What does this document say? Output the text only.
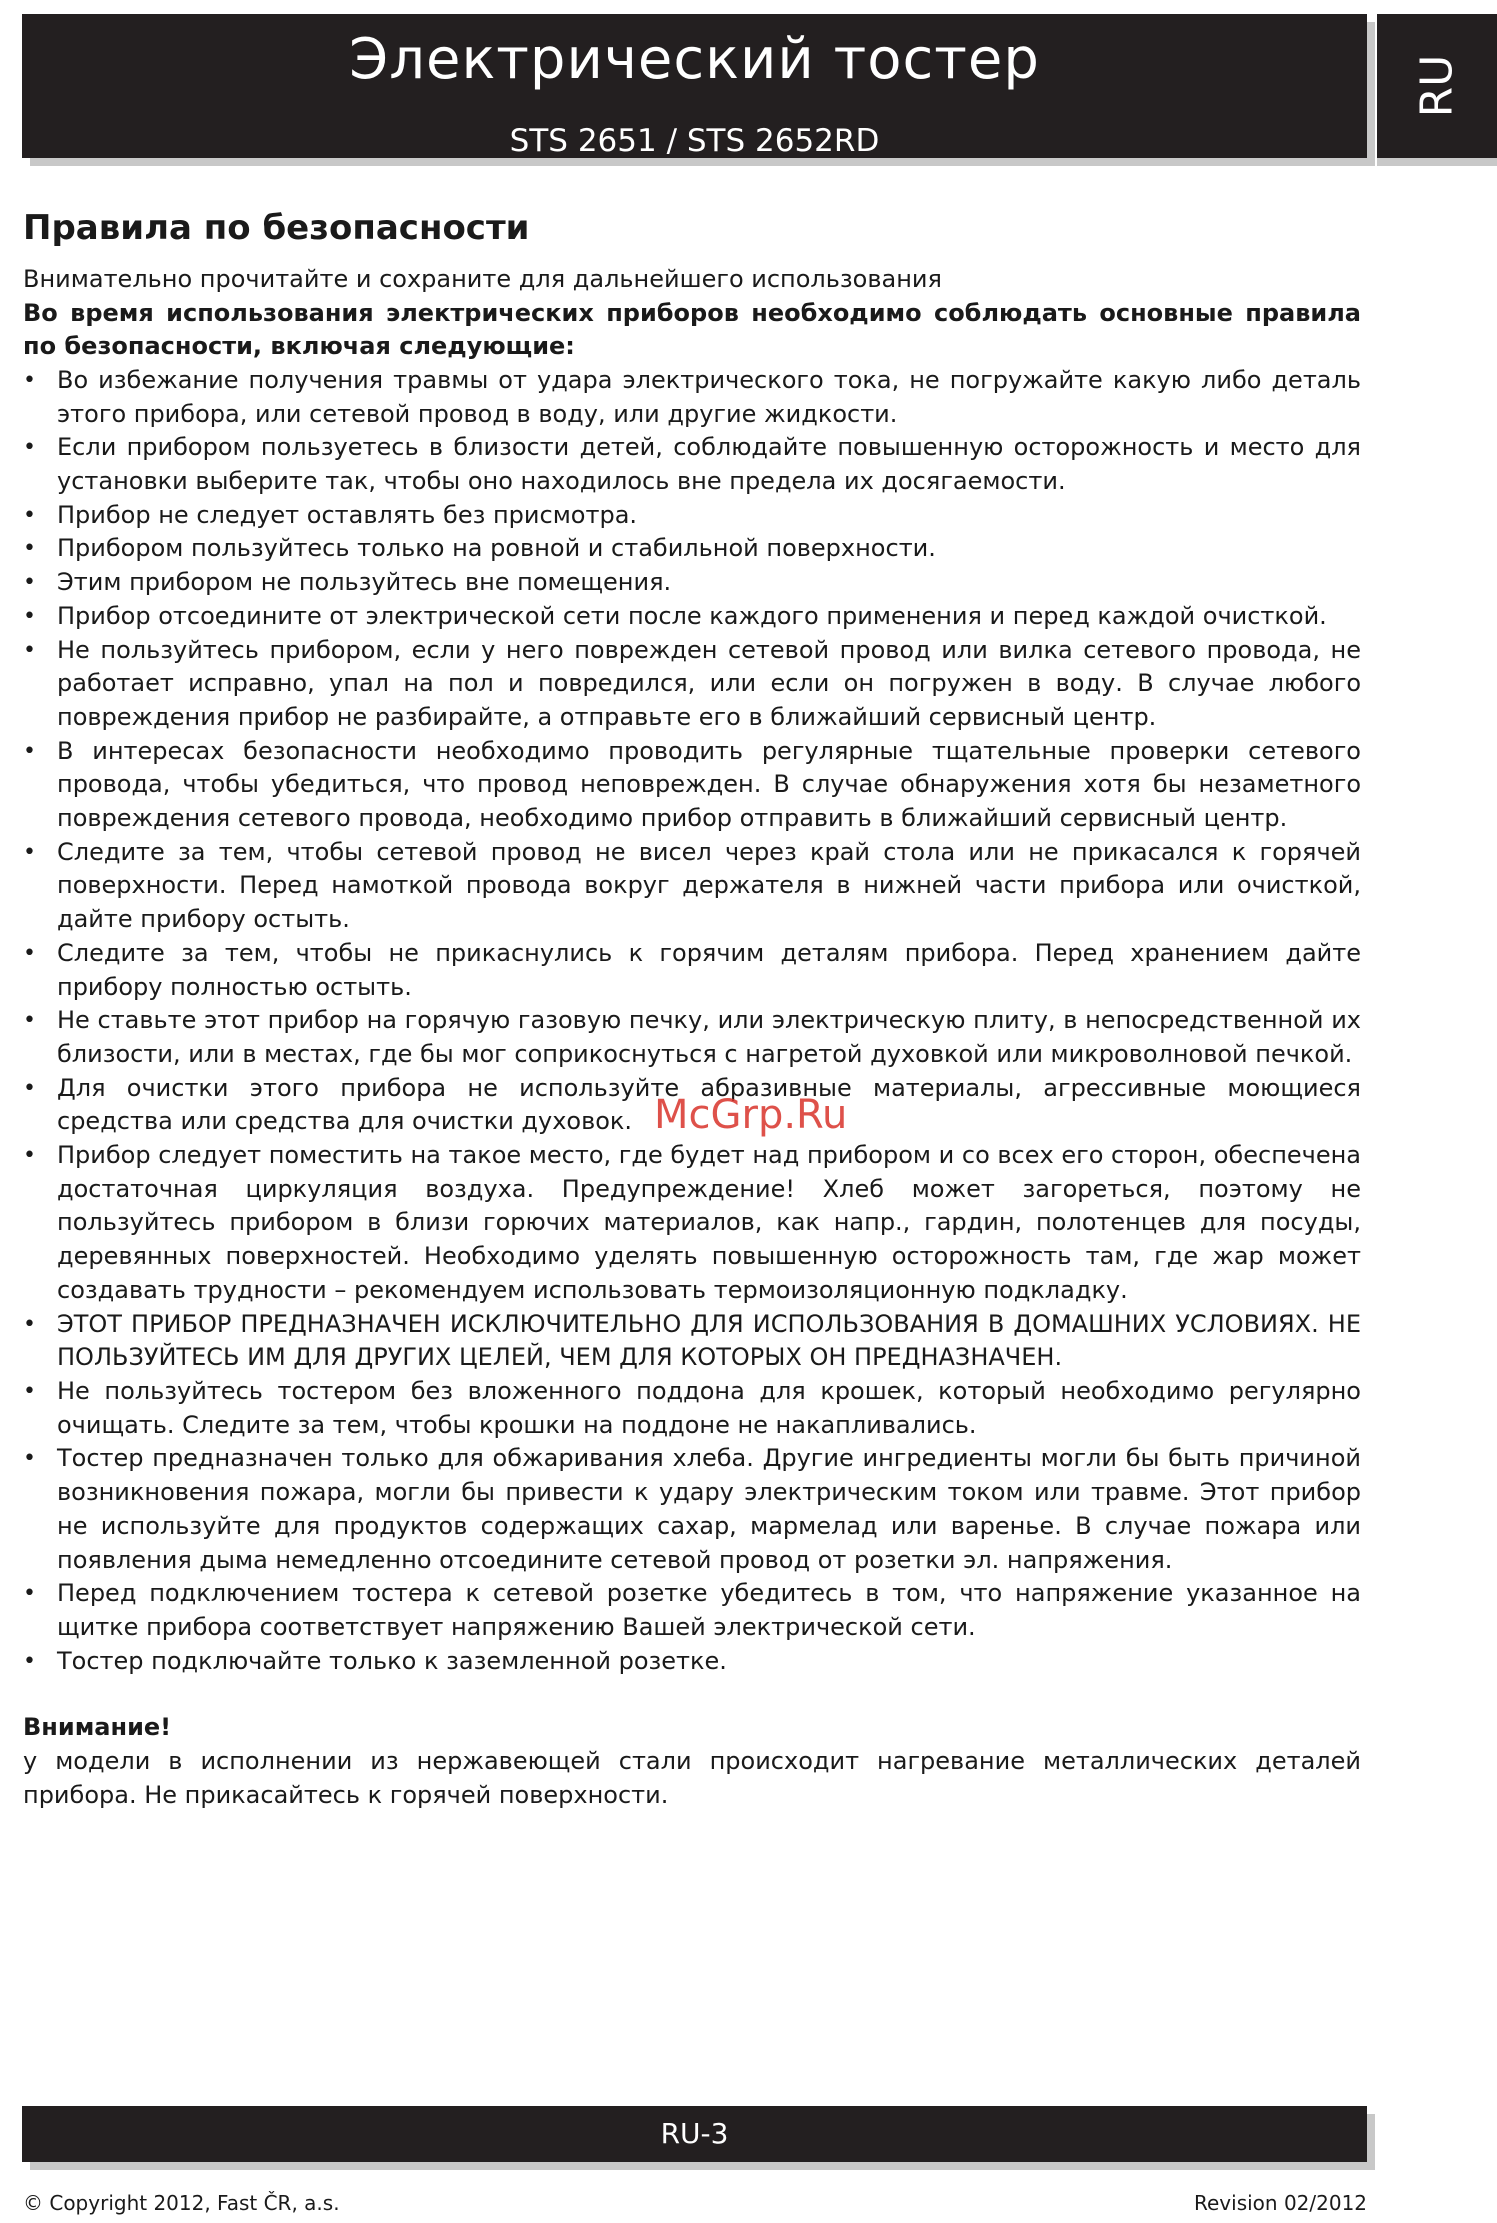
Электрический тостер
STS 2651 / STS 2652RD
RU
Правила по безопасности

Внимательно прочитайте и сохраните для дальнейшего использования

Во время использования электрических приборов необходимо соблюдать основные правила по безопасности, включая следующие:

• Во избежание получения травмы от удара электрического тока, не погружайте какую либо деталь этого прибора, или сетевой провод в воду, или другие жидкости.
• Если прибором пользуетесь в близости детей, соблюдайте повышенную осторожность и место для установки выберите так, чтобы оно находилось вне предела их досягаемости.
• Прибор не следует оставлять без присмотра.
• Прибором пользуйтесь только на ровной и стабильной поверхности.
• Этим прибором не пользуйтесь вне помещения.
• Прибор отсоедините от электрической сети после каждого применения и перед каждой очисткой.
• Не пользуйтесь прибором, если у него поврежден сетевой провод или вилка сетевого провода, не работает исправно, упал на пол и повредился, или если он погружен в воду. В случае любого повреждения прибор не разбирайте, а отправьте его в ближайший сервисный центр.
• В интересах безопасности необходимо проводить регулярные тщательные проверки сетевого провода, чтобы убедиться, что провод неповрежден. В случае обнаружения хотя бы незаметного повреждения сетевого провода, необходимо прибор отправить в ближайший сервисный центр.
• Следите за тем, чтобы сетевой провод не висел через край стола или не прикасался к горячей поверхности. Перед намоткой провода вокруг держателя в нижней части прибора или очисткой, дайте прибору остыть.
• Следите за тем, чтобы не прикаснулись к горячим деталям прибора. Перед хранением дайте прибору полностью остыть.
• Не ставьте этот прибор на горячую газовую печку, или электрическую плиту, в непосредственной их близости, или в местах, где бы мог соприкоснуться с нагретой духовкой или микроволновой печкой.
• Для очистки этого прибора не используйте абразивные материалы, агрессивные моющиеся средства или средства для очистки духовок.
• Прибор следует поместить на такое место, где будет над прибором и со всех его сторон, обеспечена достаточная циркуляция воздуха. Предупреждение! Хлеб может загореться, поэтому не пользуйтесь прибором в близи горючих материалов, как напр., гардин, полотенцев для посуды, деревянных поверхностей. Необходимо уделять повышенную осторожность там, где жар может создавать трудности – рекомендуем использовать термоизоляционную подкладку.
• ЭТОТ ПРИБОР ПРЕДНАЗНАЧЕН ИСКЛЮЧИТЕЛЬНО ДЛЯ ИСПОЛЬЗОВАНИЯ В ДОМАШНИХ УСЛОВИЯХ. НЕ ПОЛЬЗУЙТЕСЬ ИМ ДЛЯ ДРУГИХ ЦЕЛЕЙ, ЧЕМ ДЛЯ КОТОРЫХ ОН ПРЕДНАЗНАЧЕН.
• Не пользуйтесь тостером без вложенного поддона для крошек, который необходимо регулярно очищать. Следите за тем, чтобы крошки на поддоне не накапливались.
• Тостер предназначен только для обжаривания хлеба. Другие ингредиенты могли бы быть причиной возникновения пожара, могли бы привести к удару электрическим током или травме. Этот прибор не используйте для продуктов содержащих сахар, мармелад или варенье. В случае пожара или появления дыма немедленно отсоедините сетевой провод от розетки эл. напряжения.
• Перед подключением тостера к сетевой розетке убедитесь в том, что напряжение указанное на щитке прибора соответствует напряжению Вашей электрической сети.
• Тостер подключайте только к заземленной розетке.

Внимание!

у модели в исполнении из нержавеющей стали происходит нагревание металлических деталей прибора. Не прикасайтесь к горячей поверхности.

McGrp.Ru
RU-3
© Copyright 2012, Fast ČR, a.s.	Revision 02/2012
